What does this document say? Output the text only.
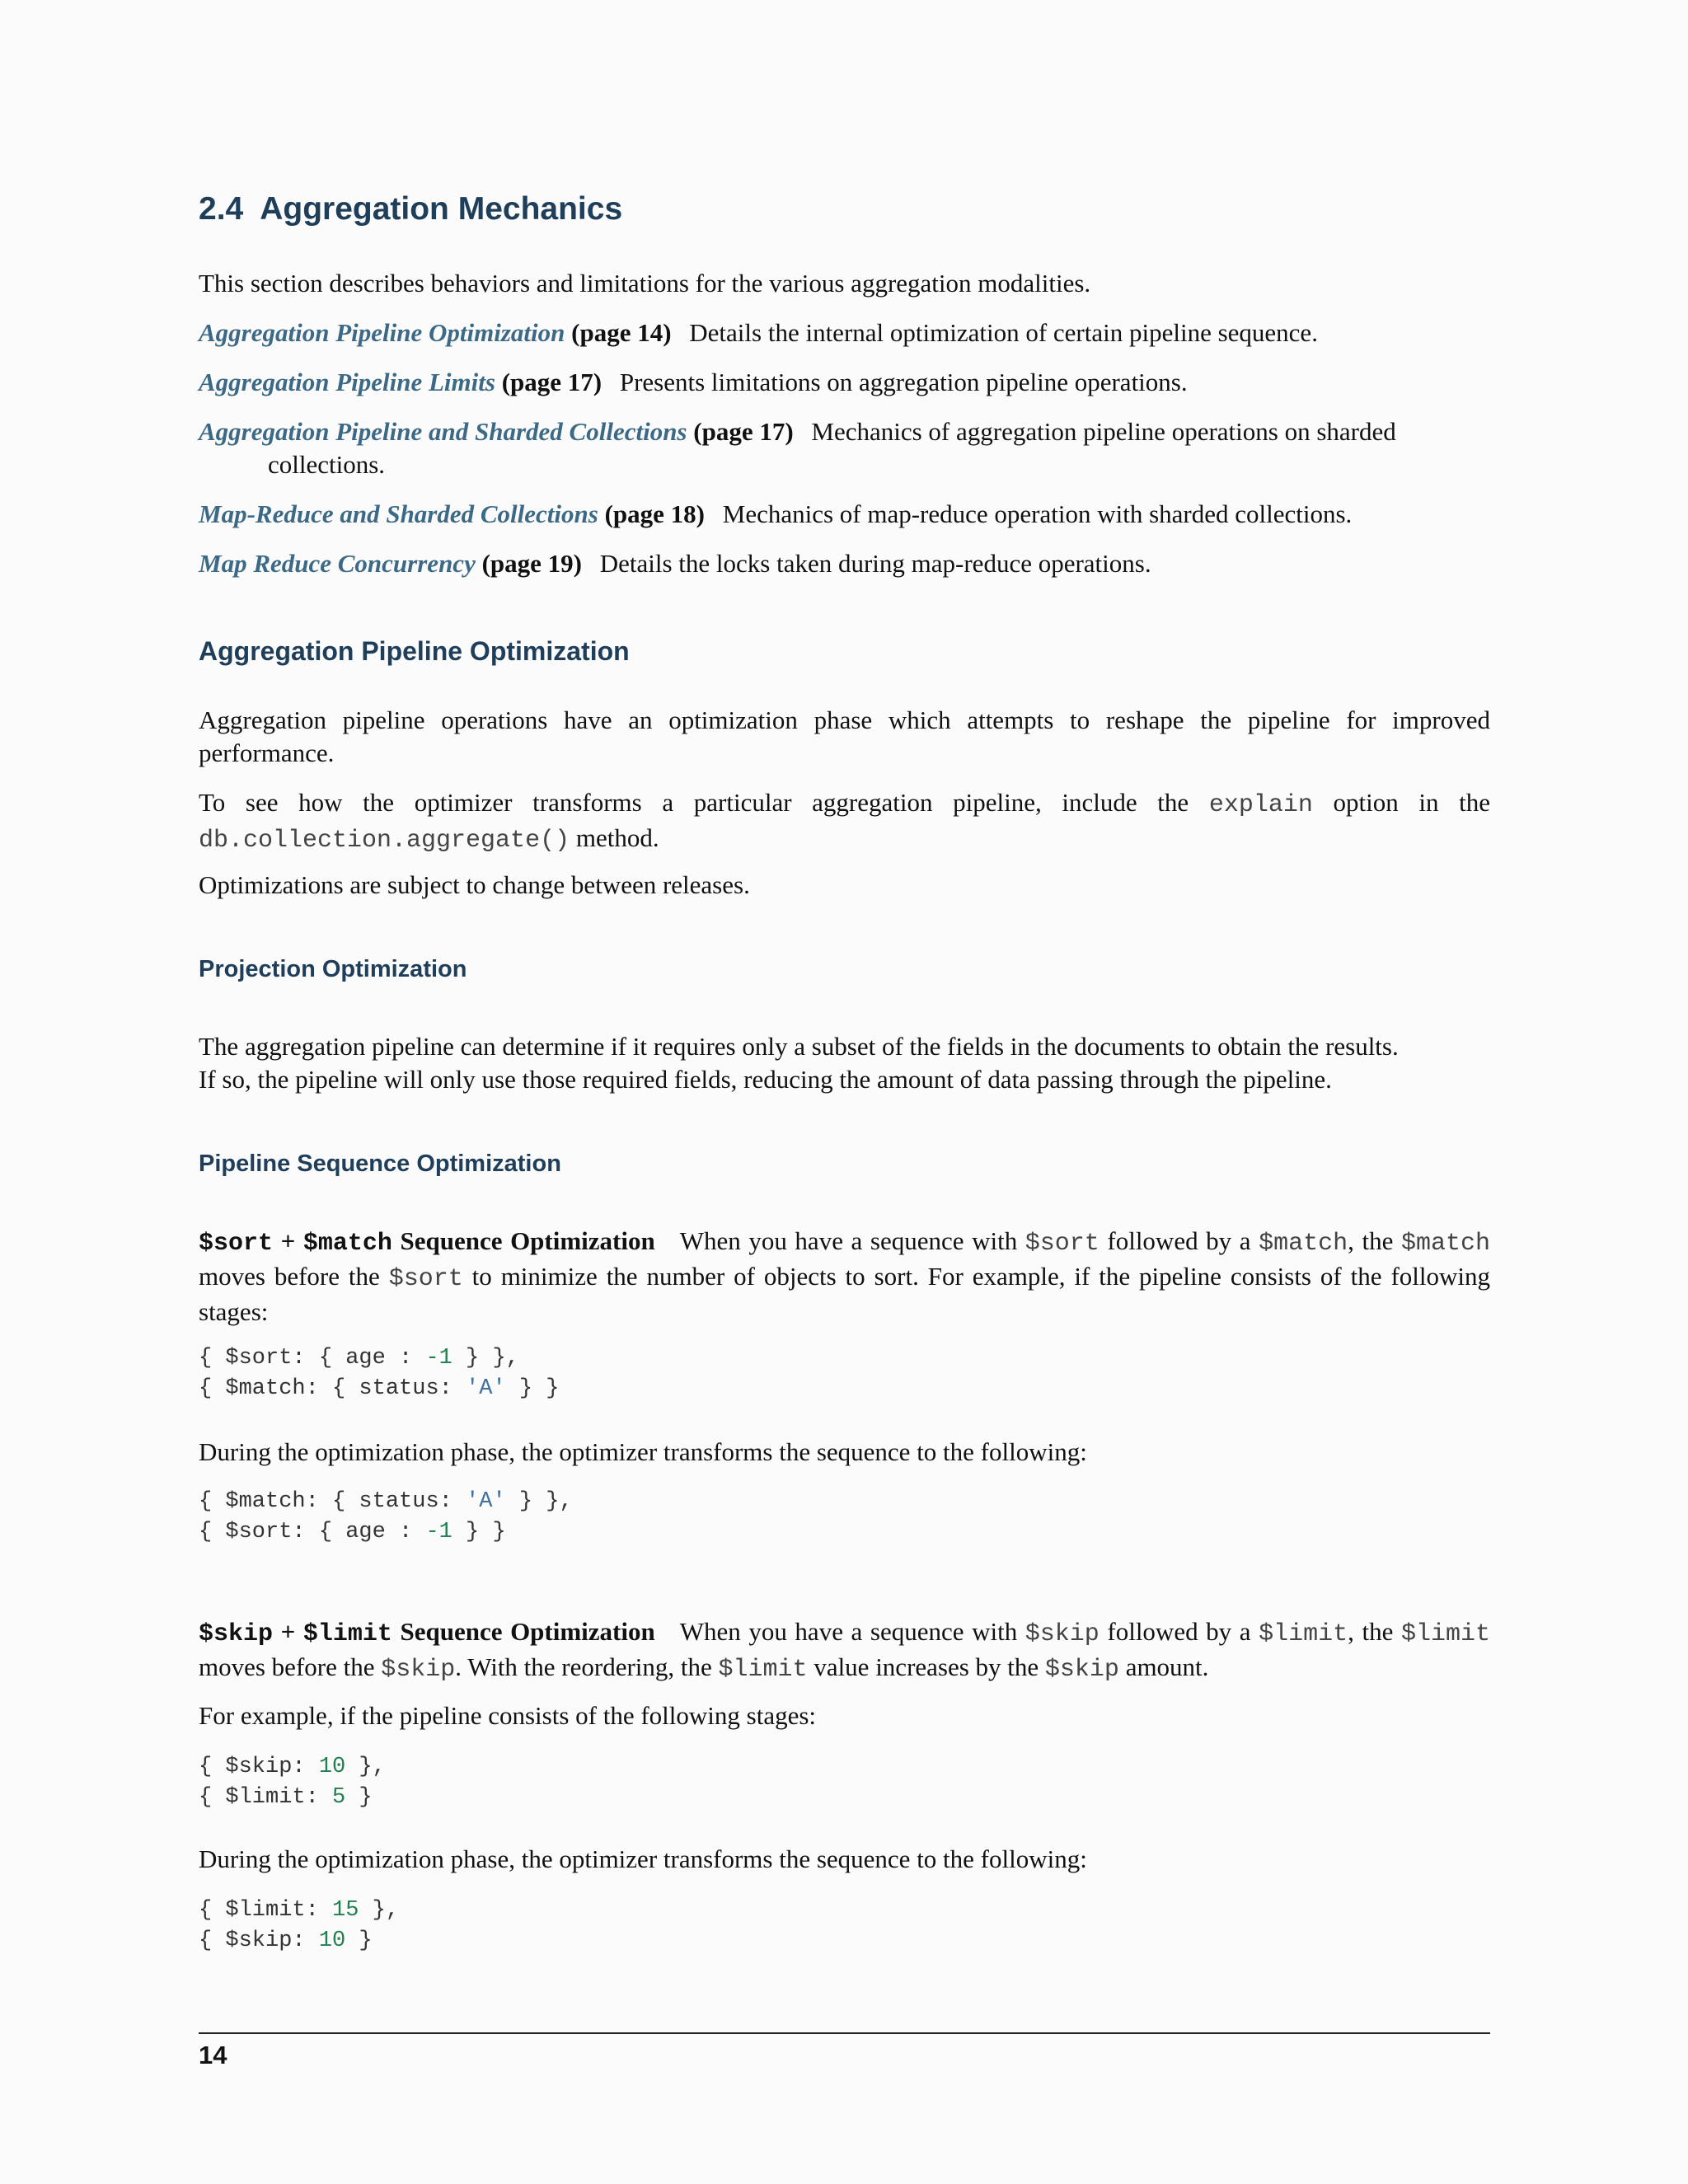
2.4 Aggregation Mechanics

This section describes behaviors and limitations for the various aggregation modalities.

Aggregation Pipeline Optimization (page 14) Details the internal optimization of certain pipeline sequence.
Aggregation Pipeline Limits (page 17) Presents limitations on aggregation pipeline operations.
Aggregation Pipeline and Sharded Collections (page 17) Mechanics of aggregation pipeline operations on sharded
collections.
Map-Reduce and Sharded Collections (page 18) Mechanics of map-reduce operation with sharded collections.
Map Reduce Concurrency (page 19) Details the locks taken during map-reduce operations.
Aggregation Pipeline Optimization

Aggregation pipeline operations have an optimization phase which attempts to reshape the pipeline for improved performance.

To see how the optimizer transforms a particular aggregation pipeline, include the explain option in the db.collection.aggregate() method.

Optimizations are subject to change between releases.

Projection Optimization

The aggregation pipeline can determine if it requires only a subset of the fields in the documents to obtain the results.
If so, the pipeline will only use those required fields, reducing the amount of data passing through the pipeline.

Pipeline Sequence Optimization

$sort + $match Sequence Optimization When you have a sequence with $sort followed by a $match, the $match moves before the $sort to minimize the number of objects to sort. For example, if the pipeline consists of the following stages:

{ $sort: { age : -1 } },
{ $match: { status: 'A' } }

During the optimization phase, the optimizer transforms the sequence to the following:

{ $match: { status: 'A' } },
{ $sort: { age : -1 } }

$skip + $limit Sequence Optimization When you have a sequence with $skip followed by a $limit, the $limit moves before the $skip. With the reordering, the $limit value increases by the $skip amount.

For example, if the pipeline consists of the following stages:

{ $skip: 10 },
{ $limit: 5 }

During the optimization phase, the optimizer transforms the sequence to the following:

{ $limit: 15 },
{ $skip: 10 }
14
